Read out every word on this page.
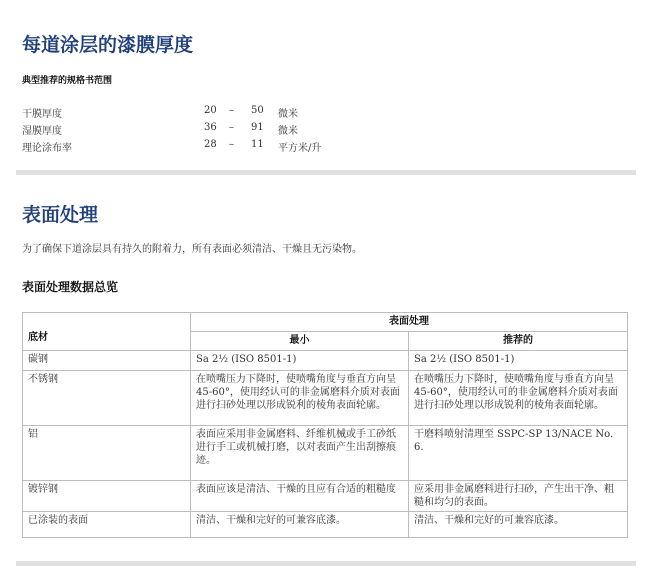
每道涂层的漆膜厚度
典型推荐的规格书范围
干膜厚度	20 – 50 微米
湿膜厚度	36 – 91 微米
理论涂布率	28 – 11 平方米/升
表面处理
为了确保下道涂层具有持久的附着力，所有表面必须清洁、干燥且无污染物。
表面处理数据总览
底材	表面处理	
	最小	推荐的
碳钢	Sa 2½ (ISO 8501-1)	Sa 2½ (ISO 8501-1)
不锈钢	在喷嘴压力下降时，使喷嘴角度与垂直方向呈45-60°，使用经认可的非金属磨料介质对表面进行扫砂处理以形成锐利的棱角表面轮廓。	在喷嘴压力下降时，使喷嘴角度与垂直方向呈45-60°，使用经认可的非金属磨料介质对表面进行扫砂处理以形成锐利的棱角表面轮廓。
铝	表面应采用非金属磨料、纤维机械或手工砂纸进行手工或机械打磨，以对表面产生出刮擦痕迹。	干磨料喷射清理至 SSPC-SP 13/NACE No. 6.
镀锌钢	表面应该是清洁、干燥的且应有合适的粗糙度	应采用非金属磨料进行扫砂，产生出干净、粗糙和均匀的表面。
已涂装的表面	清洁、干燥和完好的可兼容底漆。	清洁、干燥和完好的可兼容底漆。
